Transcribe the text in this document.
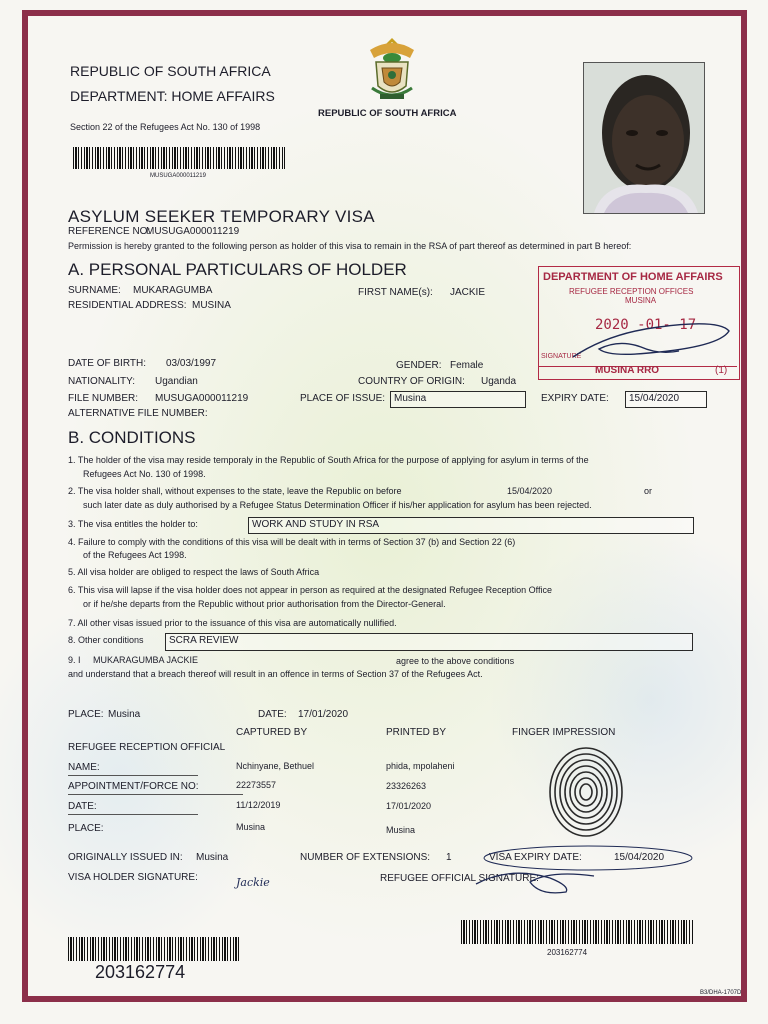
REPUBLIC OF SOUTH AFRICA
DEPARTMENT: HOME AFFAIRS
Section 22 of the Refugees Act No. 130 of 1998
MUSUGA000011219
REPUBLIC OF SOUTH AFRICA
ASYLUM SEEKER TEMPORARY VISA
REFERENCE NO:
MUSUGA000011219
Permission is hereby granted to the following person as holder of this visa to remain in the RSA of part thereof as determined in part B hereof:
A. PERSONAL PARTICULARS OF HOLDER
SURNAME: MUKARAGUMBA	FIRST NAME(s): JACKIE
RESIDENTIAL ADDRESS: MUSINA
DATE OF BIRTH: 03/03/1997	GENDER: Female
NATIONALITY: Ugandian	COUNTRY OF ORIGIN: Uganda
FILE NUMBER: MUSUGA000011219	PLACE OF ISSUE: Musina	EXPIRY DATE:	15/04/2020
ALTERNATIVE FILE NUMBER:
DEPARTMENT OF HOME AFFAIRS
REFUGEE RECEPTION OFFICES
MUSINA
2020 -01- 17
SIGNATURE
MUSINA RRO	(1)
B. CONDITIONS
1. The holder of the visa may reside temporaly in the Republic of South Africa for the purpose of applying for asylum in terms of the
Refugees Act No. 130 of 1998.
2. The visa holder shall, without expenses to the state, leave the Republic on before	15/04/2020	or
such later date as duly authorised by a Refugee Status Determination Officer if his/her application for asylum has been rejected.
3. The visa entitles the holder to:	WORK AND STUDY IN RSA
4. Failure to comply with the conditions of this visa will be dealt with in terms of Section 37 (b) and Section 22 (6)
of the Refugees Act 1998.
5. All visa holder are obliged to respect the laws of South Africa
6. This visa will lapse if the visa holder does not appear in person as required at the designated Refugee Reception Office
or if he/she departs from the Republic without prior authorisation from the Director-General.
7. All other visas issued prior to the issuance of this visa are automatically nullified.
8. Other conditions	SCRA REVIEW
9. I MUKARAGUMBA JACKIE	agree to the above conditions
and understand that a breach thereof will result in an offence in terms of Section 37 of the Refugees Act.
PLACE: Musina	DATE: 17/01/2020
CAPTURED BY	PRINTED BY	FINGER IMPRESSION
REFUGEE RECEPTION OFFICIAL
NAME:	Nchinyane, Bethuel	phida, mpolaheni
APPOINTMENT/FORCE NO:	22273557	23326263
DATE:	11/12/2019	17/01/2020
PLACE:	Musina	Musina
ORIGINALLY ISSUED IN: Musina	NUMBER OF EXTENSIONS: 1	VISA EXPIRY DATE:	15/04/2020
VISA HOLDER SIGNATURE:	Jackie	REFUGEE OFFICIAL SIGNATURE:
203162774
203162774
B3/DHA-1707D
